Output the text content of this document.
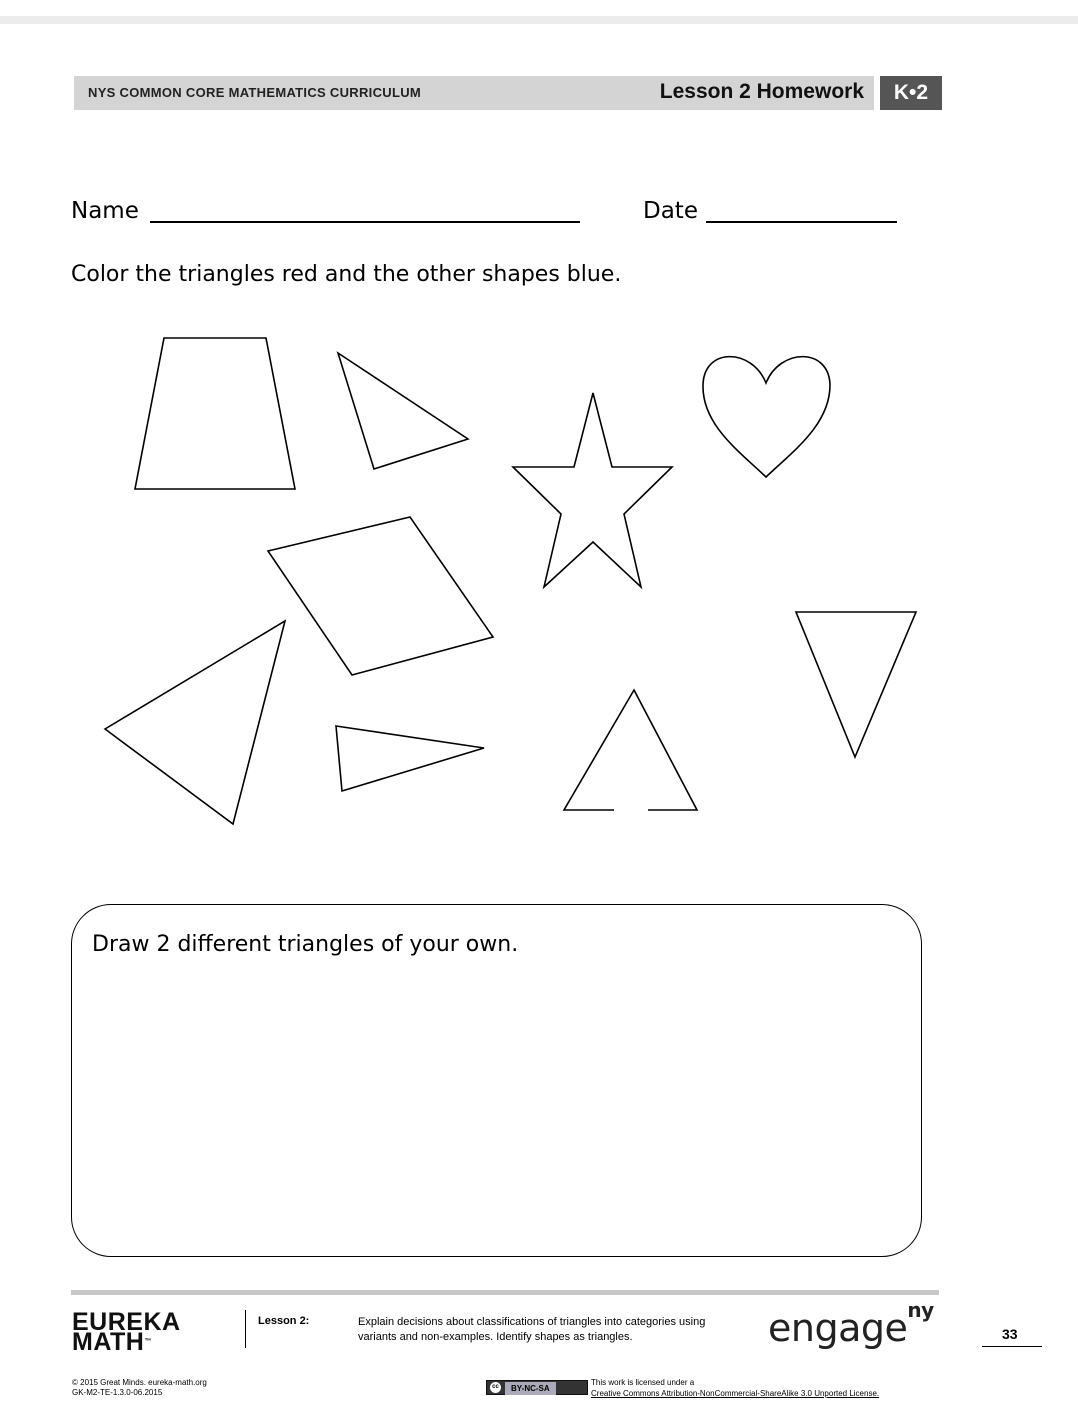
NYS COMMON CORE MATHEMATICS CURRICULUM	Lesson 2 Homework	K•2
Name	Date
Color the triangles red and the other shapes blue.
Draw 2 different triangles of your own.
EUREKA
MATH™
Lesson 2:	Explain decisions about classifications of triangles into categories using
variants and non-examples. Identify shapes as triangles.	engage$^{ny}$
33
© 2015 Great Minds. eureka-math.org
GK-M2-TE-1.3.0-06.2015
cc BY-NC-SA
This work is licensed under a
Creative Commons Attribution-NonCommercial-ShareAlike 3.0 Unported License.
